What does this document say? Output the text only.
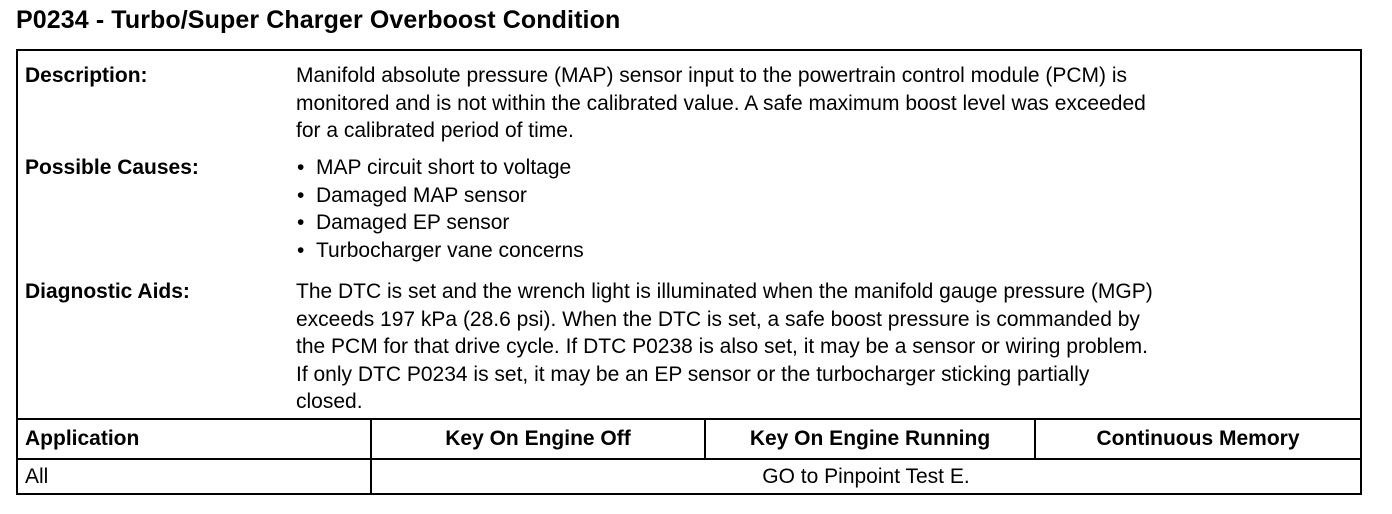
P0234 - Turbo/Super Charger Overboost Condition
Description:	Manifold absolute pressure (MAP) sensor input to the powertrain control module (PCM) is

monitored and is not within the calibrated value. A safe maximum boost level was exceeded

for a calibrated period of time.

Possible Causes:	• MAP circuit short to voltage
• Damaged MAP sensor
• Damaged EP sensor
• Turbocharger vane concerns
Diagnostic Aids:	The DTC is set and the wrench light is illuminated when the manifold gauge pressure (MGP)

exceeds 197 kPa (28.6 psi). When the DTC is set, a safe boost pressure is commanded by

the PCM for that drive cycle. If DTC P0238 is also set, it may be a sensor or wiring problem.

If only DTC P0234 is set, it may be an EP sensor or the turbocharger sticking partially

closed.

Application	Key On Engine Off	Key On Engine Running	Continuous Memory
All	GO to Pinpoint Test E.
